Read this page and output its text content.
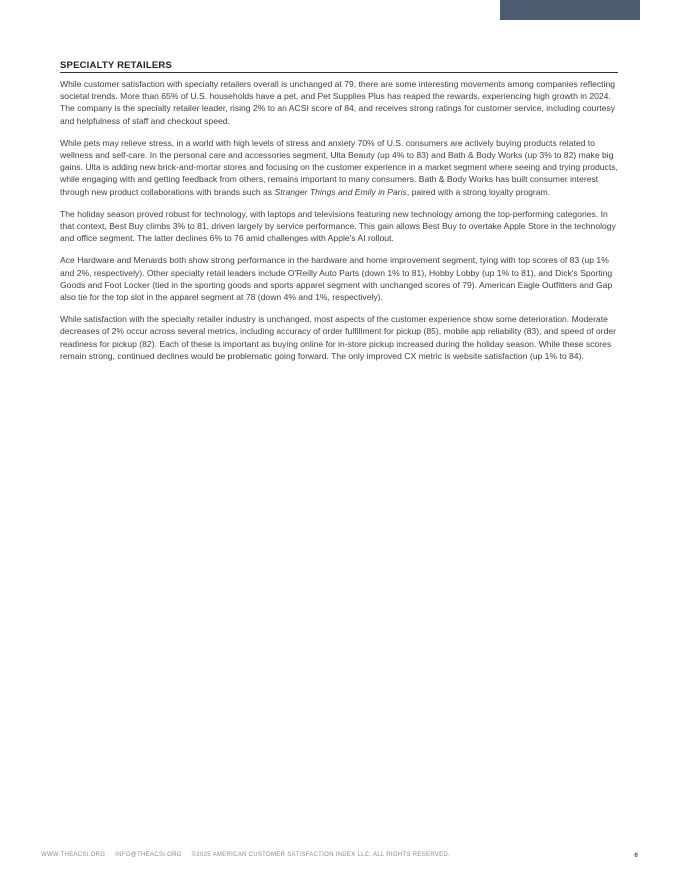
SPECIALTY RETAILERS

While customer satisfaction with specialty retailers overall is unchanged at 79, there are some interesting movements among companies reflecting societal trends. More than 65% of U.S. households have a pet, and Pet Supplies Plus has reaped the rewards, experiencing high growth in 2024. The company is the specialty retailer leader, rising 2% to an ACSI score of 84, and receives strong ratings for customer service, including courtesy and helpfulness of staff and checkout speed.

While pets may relieve stress, in a world with high levels of stress and anxiety 70% of U.S. consumers are actively buying products related to wellness and self-care. In the personal care and accessories segment, Ulta Beauty (up 4% to 83) and Bath & Body Works (up 3% to 82) make big gains. Ulta is adding new brick-and-mortar stores and focusing on the customer experience in a market segment where seeing and trying products, while engaging with and getting feedback from others, remains important to many consumers. Bath & Body Works has built consumer interest through new product collaborations with brands such as Stranger Things and Emily in Paris, paired with a strong loyalty program.

The holiday season proved robust for technology, with laptops and televisions featuring new technology among the top-performing categories. In that context, Best Buy climbs 3% to 81, driven largely by service performance. This gain allows Best Buy to overtake Apple Store in the technology and office segment. The latter declines 6% to 76 amid challenges with Apple's AI rollout.

Ace Hardware and Menards both show strong performance in the hardware and home improvement segment, tying with top scores of 83 (up 1% and 2%, respectively). Other specialty retail leaders include O'Reilly Auto Parts (down 1% to 81), Hobby Lobby (up 1% to 81), and Dick's Sporting Goods and Foot Locker (tied in the sporting goods and sports apparel segment with unchanged scores of 79). American Eagle Outfitters and Gap also tie for the top slot in the apparel segment at 78 (down 4% and 1%, respectively).

While satisfaction with the specialty retailer industry is unchanged, most aspects of the customer experience show some deterioration. Moderate decreases of 2% occur across several metrics, including accuracy of order fulfillment for pickup (85), mobile app reliability (83), and speed of order readiness for pickup (82). Each of these is important as buying online for in-store pickup increased during the holiday season. While these scores remain strong, continued declines would be problematic going forward. The only improved CX metric is website satisfaction (up 1% to 84).

WWW.THEACSI.ORG INFO@THEACSI.ORG ©2025 AMERICAN CUSTOMER SATISFACTION INDEX LLC. ALL RIGHTS RESERVED.	6
